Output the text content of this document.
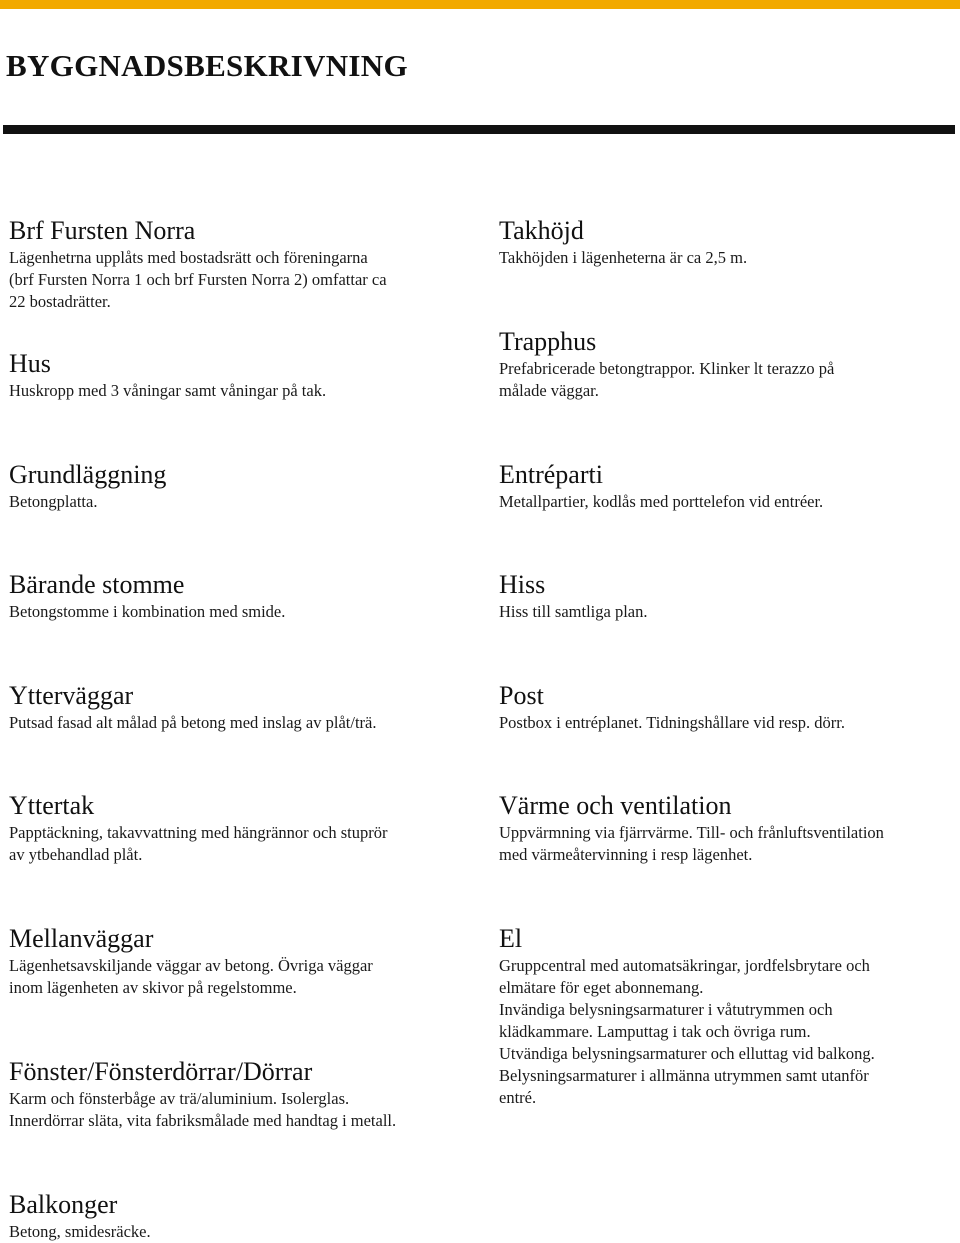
BYGGNADSBESKRIVNING
Brf Fursten Norra

Lägenhetrna upplåts med bostadsrätt och föreningarna
(brf Fursten Norra 1 och brf Fursten Norra 2) omfattar ca
22 bostadrätter.

Hus

Huskropp med 3 våningar samt våningar på tak.

Grundläggning

Betongplatta.

Bärande stomme

Betongstomme i kombination med smide.

Ytterväggar

Putsad fasad alt målad på betong med inslag av plåt/trä.

Yttertak

Papptäckning, takavvattning med hängrännor och stuprör
av ytbehandlad plåt.

Mellanväggar

Lägenhetsavskiljande väggar av betong. Övriga väggar
inom lägenheten av skivor på regelstomme.

Fönster/Fönsterdörrar/Dörrar

Karm och fönsterbåge av trä/aluminium. Isolerglas.
Innerdörrar släta, vita fabriksmålade med handtag i metall.

Balkonger

Betong, smidesräcke.

Takhöjd

Takhöjden i lägenheterna är ca 2,5 m.

Trapphus

Prefabricerade betongtrappor. Klinker lt terazzo på
målade väggar.

Entréparti

Metallpartier, kodlås med porttelefon vid entréer.

Hiss

Hiss till samtliga plan.

Post

Postbox i entréplanet. Tidningshållare vid resp. dörr.

Värme och ventilation

Uppvärmning via fjärrvärme. Till- och frånluftsventilation
med värmeåtervinning i resp lägenhet.

El

Gruppcentral med automatsäkringar, jordfelsbrytare och
elmätare för eget abonnemang.
Invändiga belysningsarmaturer i våtutrymmen och
klädkammare. Lamputtag i tak och övriga rum.
Utvändiga belysningsarmaturer och elluttag vid balkong.
Belysningsarmaturer i allmänna utrymmen samt utanför
entré.
